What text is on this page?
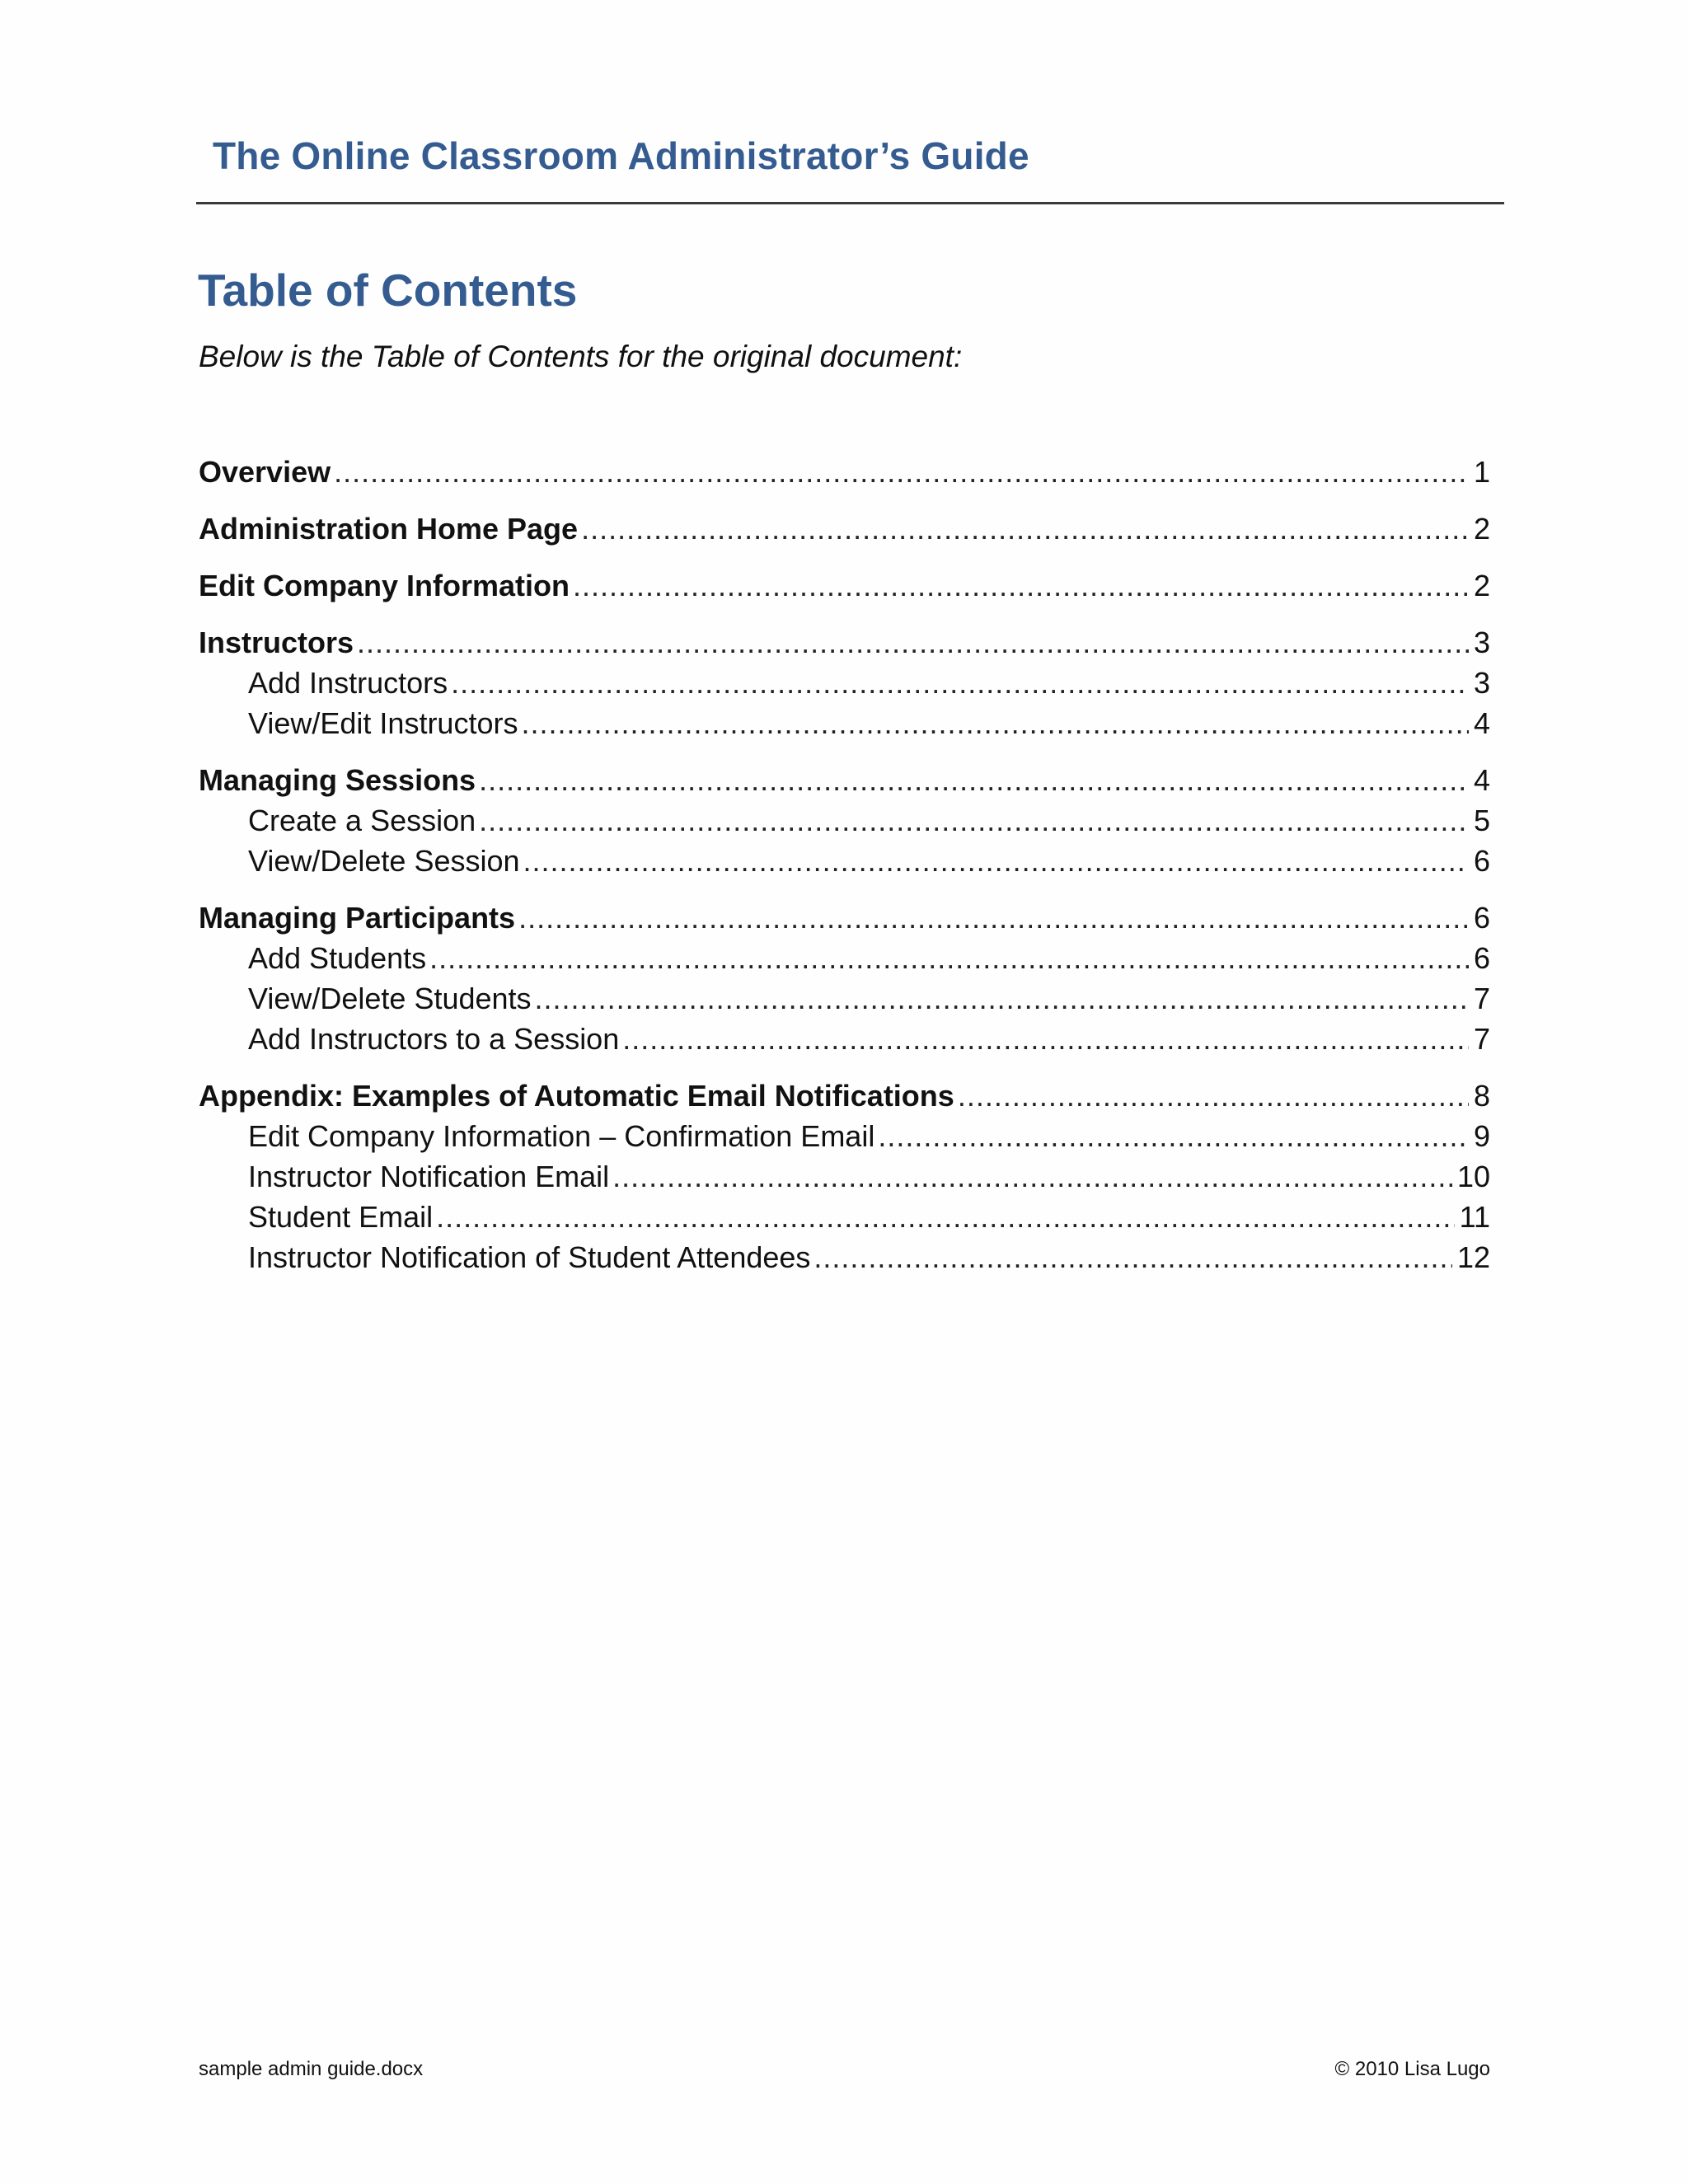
The Online Classroom Administrator’s Guide
Table of Contents
Below is the Table of Contents for the original document:
Overview .....	1
Administration Home Page .....	2
Edit Company Information .....	2
Instructors .....	3
Add Instructors .....	3
View/Edit Instructors .....	4
Managing Sessions .....	4
Create a Session .....	5
View/Delete Session .....	6
Managing Participants .....	6
Add Students .....	6
View/Delete Students .....	7
Add Instructors to a Session .....	7
Appendix: Examples of Automatic Email Notifications .....	8
Edit Company Information – Confirmation Email .....	9
Instructor Notification Email .....	10
Student Email .....	11
Instructor Notification of Student Attendees .....	12
sample admin guide.docx	© 2010 Lisa Lugo
